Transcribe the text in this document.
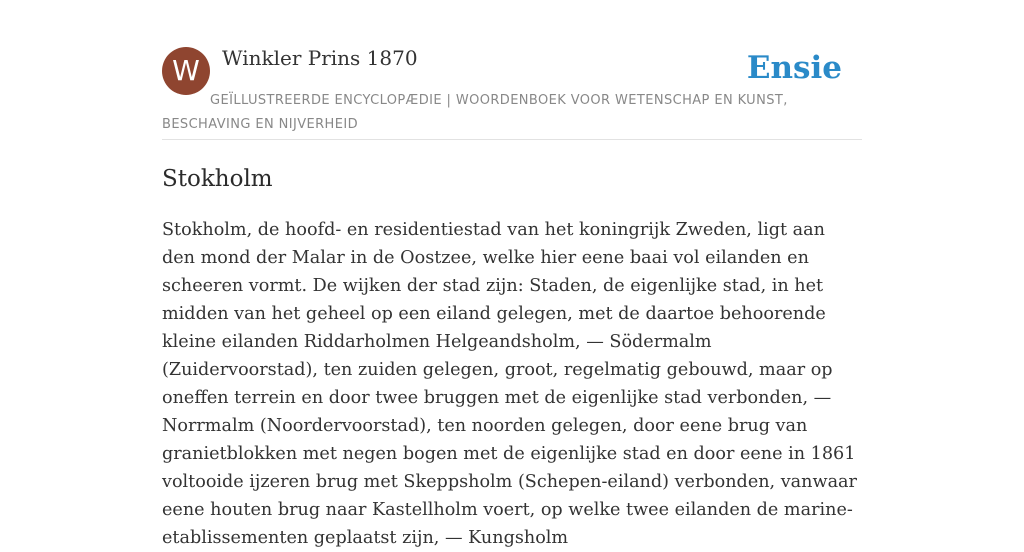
W	Winkler Prins 1870	Ensie
GEÏLLUSTREERDE ENCYCLOPÆDIE | WOORDENBOEK VOOR WETENSCHAP EN KUNST, BESCHAVING EN NIJVERHEID
Stokholm

Stokholm, de hoofd- en residentiestad van het koningrijk Zweden, ligt aan den mond der Malar in de Oostzee, welke hier eene baai vol eilanden en scheeren vormt. De wijken der stad zijn: Staden, de eigenlijke stad, in het midden van het geheel op een eiland gelegen, met de daartoe behoorende kleine eilanden Riddarholmen Helgeandsholm, — Södermalm (Zuidervoorstad), ten zuiden gelegen, groot, regelmatig gebouwd, maar op oneffen terrein en door twee bruggen met de eigenlijke stad verbonden, — Norrmalm (Noordervoorstad), ten noorden gelegen, door eene brug van granietblokken met negen bogen met de eigenlijke stad en door eene in 1861 voltooide ijzeren brug met Skeppsholm (Schepen-eiland) verbonden, vanwaar eene houten brug naar Kastellholm voert, op welke twee eilanden de marine-etablissementen geplaatst zijn, — Kungsholm
